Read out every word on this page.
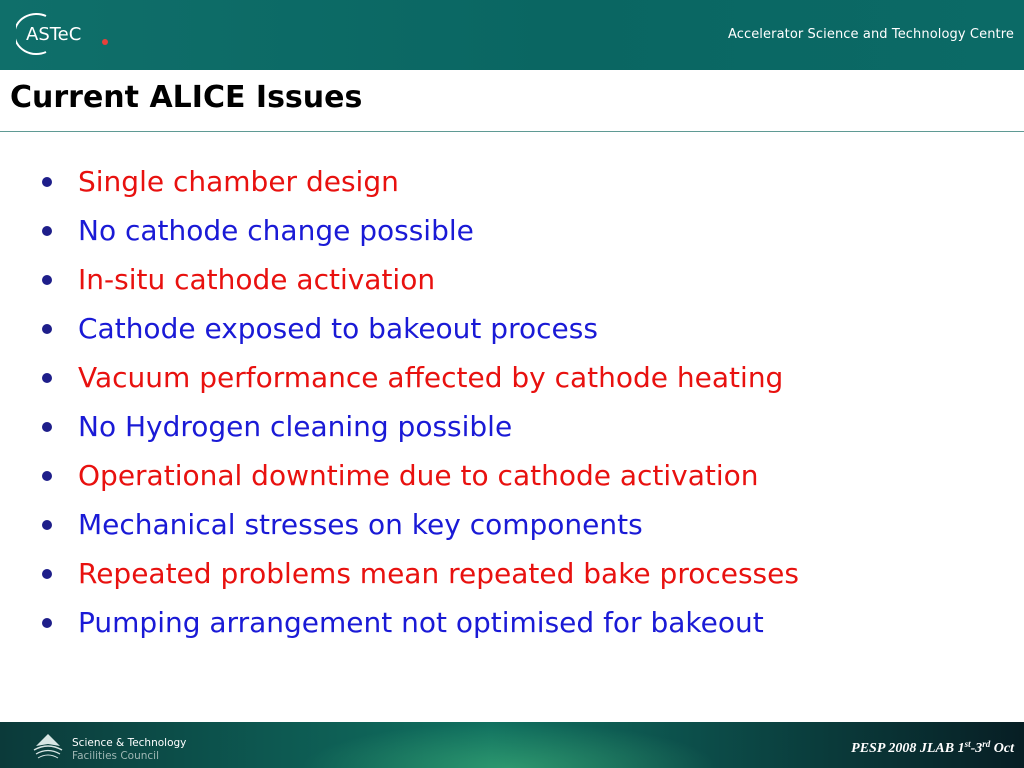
ASTeC	Accelerator Science and Technology Centre
Current ALICE Issues
Single chamber design
No cathode change possible
In-situ cathode activation
Cathode exposed to bakeout process
Vacuum performance affected by cathode heating
No Hydrogen cleaning possible
Operational downtime due to cathode activation
Mechanical stresses on key components
Repeated problems mean repeated bake processes
Pumping arrangement not optimised for bakeout
Science & Technology
Facilities Council	PESP 2008 JLAB 1st-3rd Oct
